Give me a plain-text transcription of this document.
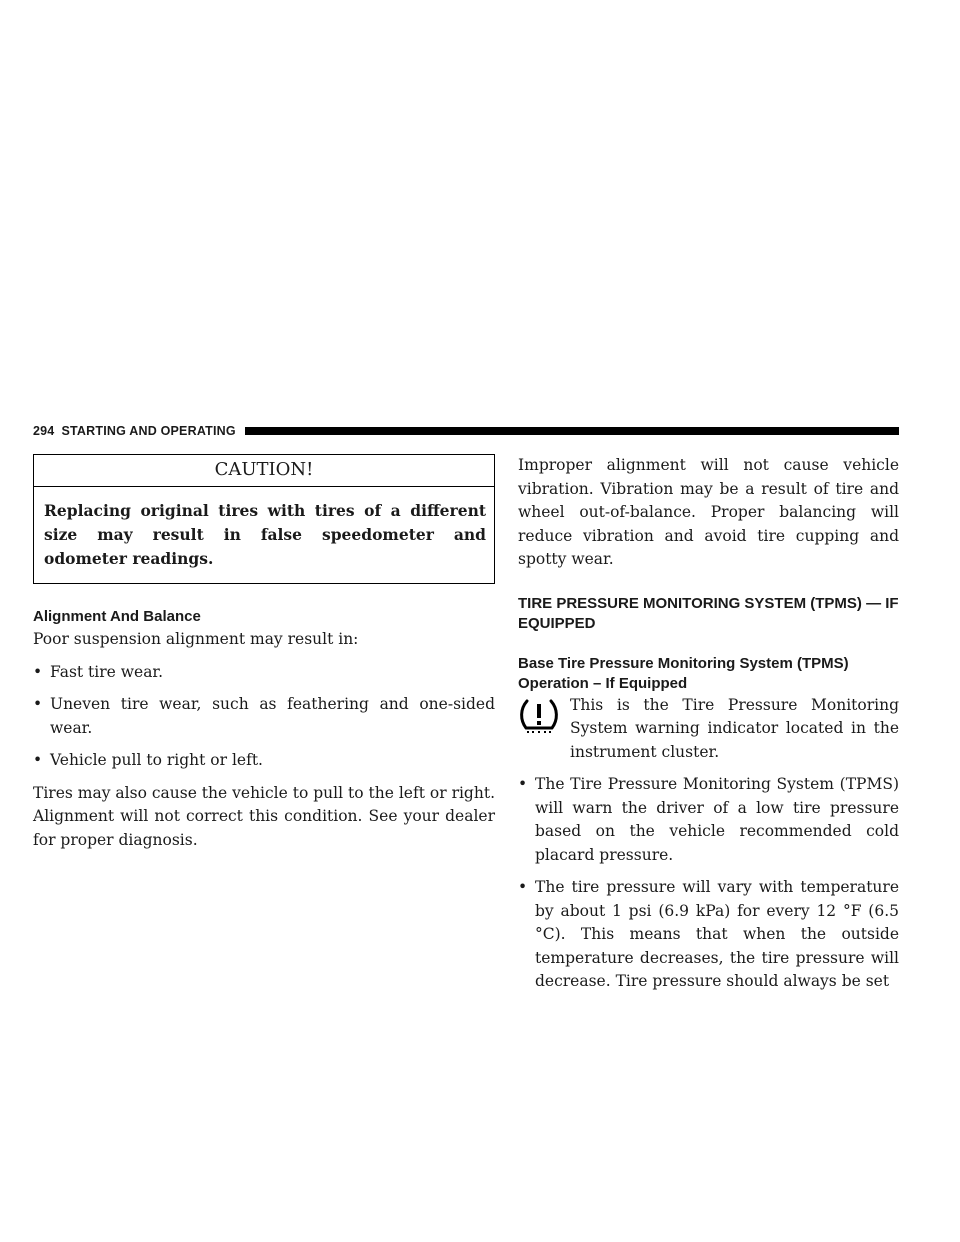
294 STARTING AND OPERATING
CAUTION!
Replacing original tires with tires of a different size may result in false speedometer and odometer readings.
Alignment And Balance

Poor suspension alignment may result in:

• Fast tire wear.
• Uneven tire wear, such as feathering and one-sided wear.
• Vehicle pull to right or left.

Tires may also cause the vehicle to pull to the left or right. Alignment will not correct this condition. See your dealer for proper diagnosis.

Improper alignment will not cause vehicle vibration. Vibration may be a result of tire and wheel out-of-balance. Proper balancing will reduce vibration and avoid tire cupping and spotty wear.

TIRE PRESSURE MONITORING SYSTEM (TPMS) — IF EQUIPPED
Base Tire Pressure Monitoring System (TPMS) Operation – If Equipped

This is the Tire Pressure Monitoring System warning indicator located in the instrument cluster.

• The Tire Pressure Monitoring System (TPMS) will warn the driver of a low tire pressure based on the vehicle recommended cold placard pressure.
• The tire pressure will vary with temperature by about 1 psi (6.9 kPa) for every 12 °F (6.5 °C). This means that when the outside temperature decreases, the tire pressure will decrease. Tire pressure should always be set
